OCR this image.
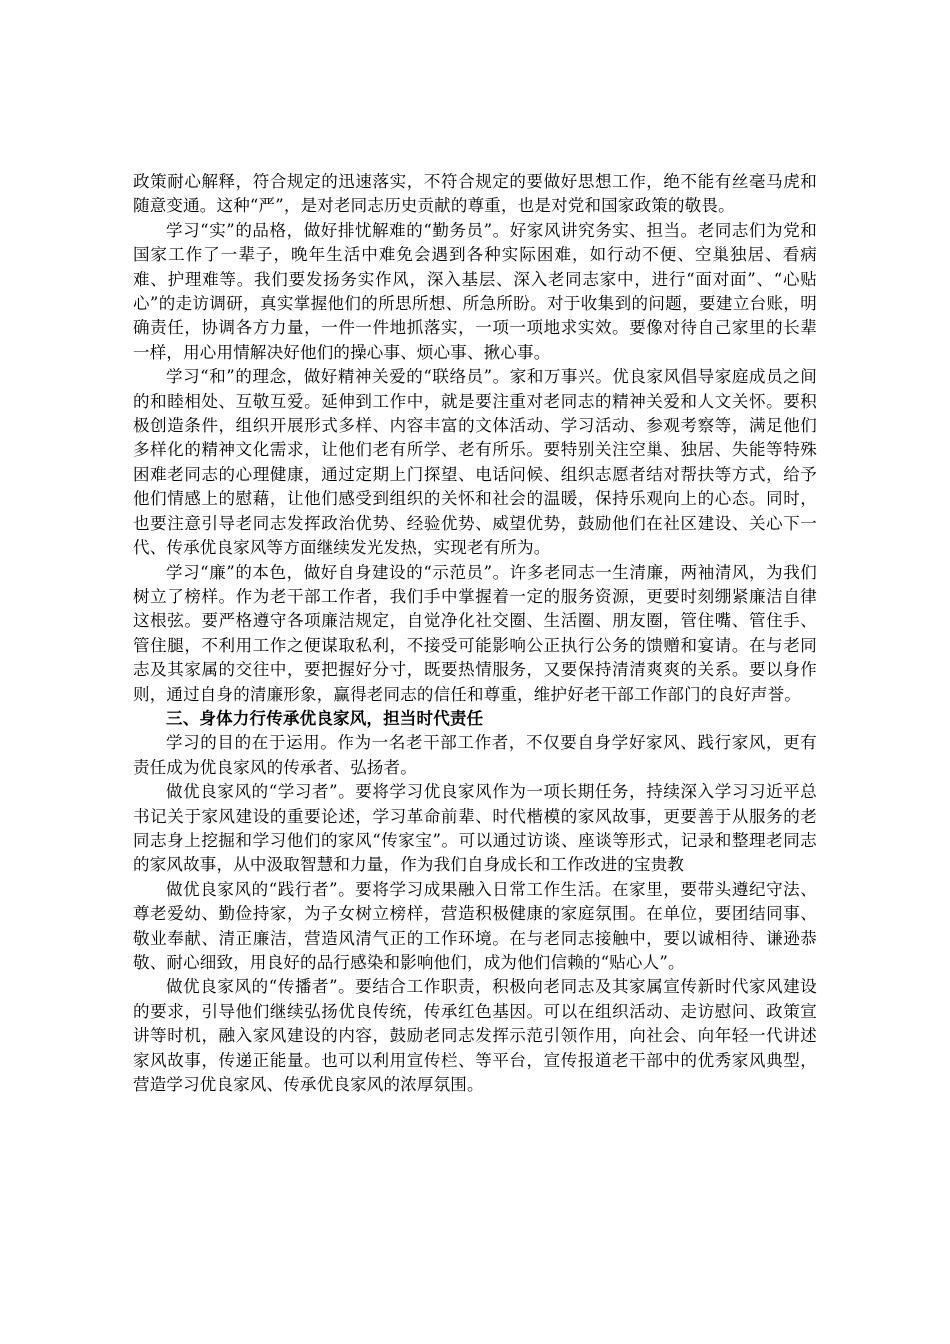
政策耐心解释，符合规定的迅速落实，不符合规定的要做好思想工作，绝不能有丝毫马虎和随意变通。这种“严”，是对老同志历史贡献的尊重，也是对党和国家政策的敬畏。

学习“实”的品格，做好排忧解难的“勤务员”。好家风讲究务实、担当。老同志们为党和国家工作了一辈子，晚年生活中难免会遇到各种实际困难，如行动不便、空巢独居、看病难、护理难等。我们要发扬务实作风，深入基层、深入老同志家中，进行“面对面”、“心贴心”的走访调研，真实掌握他们的所思所想、所急所盼。对于收集到的问题，要建立台账，明确责任，协调各方力量，一件一件地抓落实，一项一项地求实效。要像对待自己家里的长辈一样，用心用情解决好他们的操心事、烦心事、揪心事。

学习“和”的理念，做好精神关爱的“联络员”。家和万事兴。优良家风倡导家庭成员之间的和睦相处、互敬互爱。延伸到工作中，就是要注重对老同志的精神关爱和人文关怀。要积极创造条件，组织开展形式多样、内容丰富的文体活动、学习活动、参观考察等，满足他们多样化的精神文化需求，让他们老有所学、老有所乐。要特别关注空巢、独居、失能等特殊困难老同志的心理健康，通过定期上门探望、电话问候、组织志愿者结对帮扶等方式，给予他们情感上的慰藉，让他们感受到组织的关怀和社会的温暖，保持乐观向上的心态。同时，也要注意引导老同志发挥政治优势、经验优势、威望优势，鼓励他们在社区建设、关心下一代、传承优良家风等方面继续发光发热，实现老有所为。

学习“廉”的本色，做好自身建设的“示范员”。许多老同志一生清廉，两袖清风，为我们树立了榜样。作为老干部工作者，我们手中掌握着一定的服务资源，更要时刻绷紧廉洁自律这根弦。要严格遵守各项廉洁规定，自觉净化社交圈、生活圈、朋友圈，管住嘴、管住手、管住腿，不利用工作之便谋取私利，不接受可能影响公正执行公务的馈赠和宴请。在与老同志及其家属的交往中，要把握好分寸，既要热情服务，又要保持清清爽爽的关系。要以身作则，通过自身的清廉形象，赢得老同志的信任和尊重，维护好老干部工作部门的良好声誉。

三、身体力行传承优良家风，担当时代责任

学习的目的在于运用。作为一名老干部工作者，不仅要自身学好家风、践行家风，更有责任成为优良家风的传承者、弘扬者。

做优良家风的“学习者”。要将学习优良家风作为一项长期任务，持续深入学习习近平总书记关于家风建设的重要论述，学习革命前辈、时代楷模的家风故事，更要善于从服务的老同志身上挖掘和学习他们的家风“传家宝”。可以通过访谈、座谈等形式，记录和整理老同志的家风故事，从中汲取智慧和力量，作为我们自身成长和工作改进的宝贵教

做优良家风的“践行者”。要将学习成果融入日常工作生活。在家里，要带头遵纪守法、尊老爱幼、勤俭持家，为子女树立榜样，营造积极健康的家庭氛围。在单位，要团结同事、敬业奉献、清正廉洁，营造风清气正的工作环境。在与老同志接触中，要以诚相待、谦逊恭敬、耐心细致，用良好的品行感染和影响他们，成为他们信赖的“贴心人”。

做优良家风的“传播者”。要结合工作职责，积极向老同志及其家属宣传新时代家风建设的要求，引导他们继续弘扬优良传统，传承红色基因。可以在组织活动、走访慰问、政策宣讲等时机，融入家风建设的内容，鼓励老同志发挥示范引领作用，向社会、向年轻一代讲述家风故事，传递正能量。也可以利用宣传栏、等平台，宣传报道老干部中的优秀家风典型，营造学习优良家风、传承优良家风的浓厚氛围。
